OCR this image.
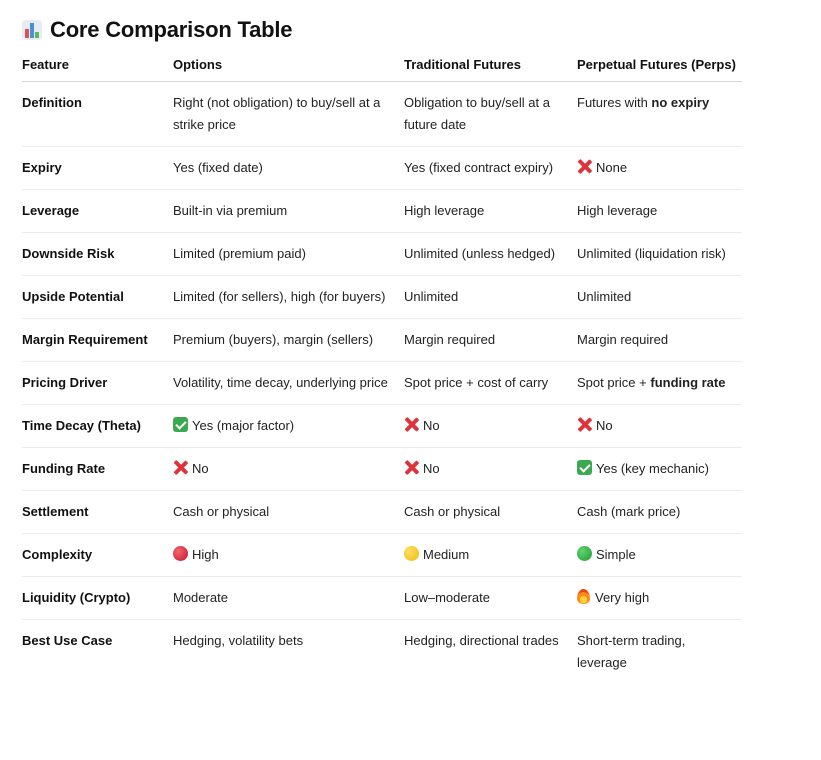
Core Comparison Table
Feature	Options	Traditional Futures	Perpetual Futures (Perps)
Definition	Right (not obligation) to buy/sell at a strike price	Obligation to buy/sell at a future date	Futures with no expiry

Expiry	Yes (fixed date)	Yes (fixed contract expiry)	None

Leverage	Built-in via premium	High leverage	High leverage

Downside Risk	Limited (premium paid)	Unlimited (unless hedged)	Unlimited (liquidation risk)

Upside Potential	Limited (for sellers), high (for buyers)	Unlimited	Unlimited

Margin Requirement	Premium (buyers), margin (sellers)	Margin required	Margin required

Pricing Driver	Volatility, time decay, underlying price	Spot price + cost of carry	Spot price + funding rate

Time Decay (Theta)	Yes (major factor)	No	No

Funding Rate	No	No	Yes (key mechanic)

Settlement	Cash or physical	Cash or physical	Cash (mark price)

Complexity	High	Medium	Simple

Liquidity (Crypto)	Moderate	Low–moderate	Very high

Best Use Case	Hedging, volatility bets	Hedging, directional trades	Short-term trading, leverage
